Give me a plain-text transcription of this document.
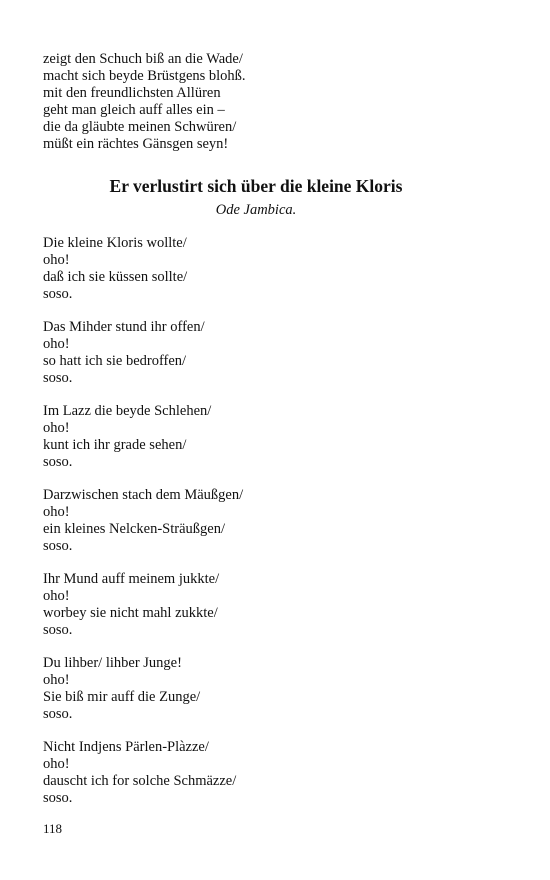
zeigt den Schuch biß an die Wade/
macht sich beyde Brüstgens blohß.
mit den freundlichsten Allüren
geht man gleich auff alles ein –
die da gläubte meinen Schwüren/
müßt ein rächtes Gänsgen seyn!
Er verlustirt sich über die kleine Kloris
Ode Jambica.
Die kleine Kloris wollte/
oho!
daß ich sie küssen sollte/
soso.
Das Mihder stund ihr offen/
oho!
so hatt ich sie bedroffen/
soso.
Im Lazz die beyde Schlehen/
oho!
kunt ich ihr grade sehen/
soso.
Darzwischen stach dem Mäußgen/
oho!
ein kleines Nelcken-Sträußgen/
soso.
Ihr Mund auff meinem jukkte/
oho!
worbey sie nicht mahl zukkte/
soso.
Du lihber/ lihber Junge!
oho!
Sie biß mir auff die Zunge/
soso.
Nicht Indjens Pärlen-Plàzze/
oho!
dauscht ich for solche Schmäzze/
soso.
118
